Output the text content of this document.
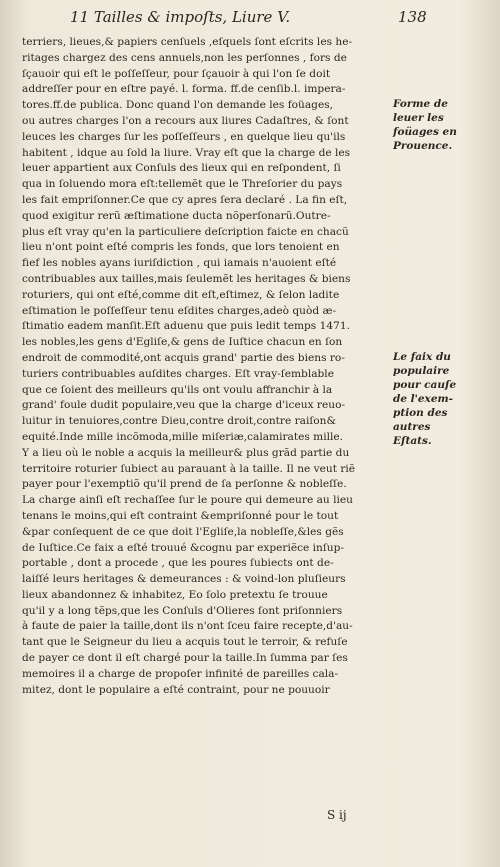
11 Tailles & impoſts, Liure V.	138
terriers, lieues,& papiers cenſuels ,eſquels ſont eſcrits les he-
ritages chargez des cens annuels,non les perſonnes , fors de
ſçauoir qui eſt le poſſeſſeur, pour ſçauoir à qui l'on ſe doit
addreſſer pour en eſtre payé. l. forma. ff.de cenſib.l. impera-
tores.ff.de publica. Donc quand l'on demande les foüages,
ou autres charges l'on a recours aux liures Cadaſtres, & ſont
leuces les charges ſur les poſſeſſeurs , en quelque lieu qu'ils
habitent , idque au ſold la liure. Vray eſt que la charge de les
leuer appartient aux Conſuls des lieux qui en reſpondent, ſi
qua in ſoluendo mora eſt:tellemẽt que le Threſorier du pays
les fait empriſonner.Ce que cy apres ſera declaré . La fin eſt,
quod exigitur rerũ æſtimatione ducta nõperſonarũ.Outre-
plus eſt vray qu'en la particuliere deſcription faicte en chacũ
lieu n'ont point eſté compris les fonds, que lors tenoient en
fief les nobles ayans iuriſdiction , qui iamais n'auoient eſté
contribuables aux tailles,mais ſeulemẽt les heritages & biens
roturiers, qui ont eſté,comme dit eſt,eſtimez, & ſelon ladite
eſtimation le poſſeſſeur tenu eſdites charges,adeò quòd æ-
ſtimatio eadem manſit.Eſt aduenu que puis ledit temps 1471.
les nobles,les gens d'Egliſe,& gens de Iuſtice chacun en ſon
endroit de commodité,ont acquis grand' partie des biens ro-
turiers contribuables auſdites charges. Eſt vray-ſemblable
que ce ſoient des meilleurs qu'ils ont voulu affranchir à la
grand' foule dudit populaire,veu que la charge d'iceux reuo-
luitur in tenuiores,contre Dieu,contre droit,contre raiſon&
equité.Inde mille incõmoda,mille miſeriæ,calamirates mille.
Y a lieu où le noble a acquis la meilleur& plus grãd partie du
territoire roturier ſubiect au parauant à la taille. Il ne veut riẽ
payer pour l'exemptiõ qu'il prend de ſa perſonne & nobleſſe.
La charge ainſi eſt rechaſſee ſur le poure qui demeure au lieu
tenans le moins,qui eſt contraint &empriſonné pour le tout
&par conſequent de ce que doit l'Egliſe,la nobleſſe,&les gẽs
de Iuſtice.Ce faix a eſté trouué &cognu par experiẽce inſup-
portable , dont a procede , que les poures ſubiects ont de-
laiſſé leurs heritages & demeurances : & voind-lon pluſieurs
lieux abandonnez & inhabitez, Eo ſolo pretextu ſe trouue
qu'il y a long tẽps,que les Conſuls d'Olieres ſont priſonniers
à faute de paier la taille,dont ils n'ont ſceu faire recepte,d'au-
tant que le Seigneur du lieu a acquis tout le terroir, & refuſe
de payer ce dont il eſt chargé pour la taille.In ſumma par ſes
memoires il a charge de propoſer infinité de pareilles cala-
mitez, dont le populaire a eſté contraint, pour ne pouuoir
Forme de
leuer les
foüages en
Prouence.
Le faix du
populaire
pour cauſe
de l'exem-
ption des
autres
Eſtats.
S ij
